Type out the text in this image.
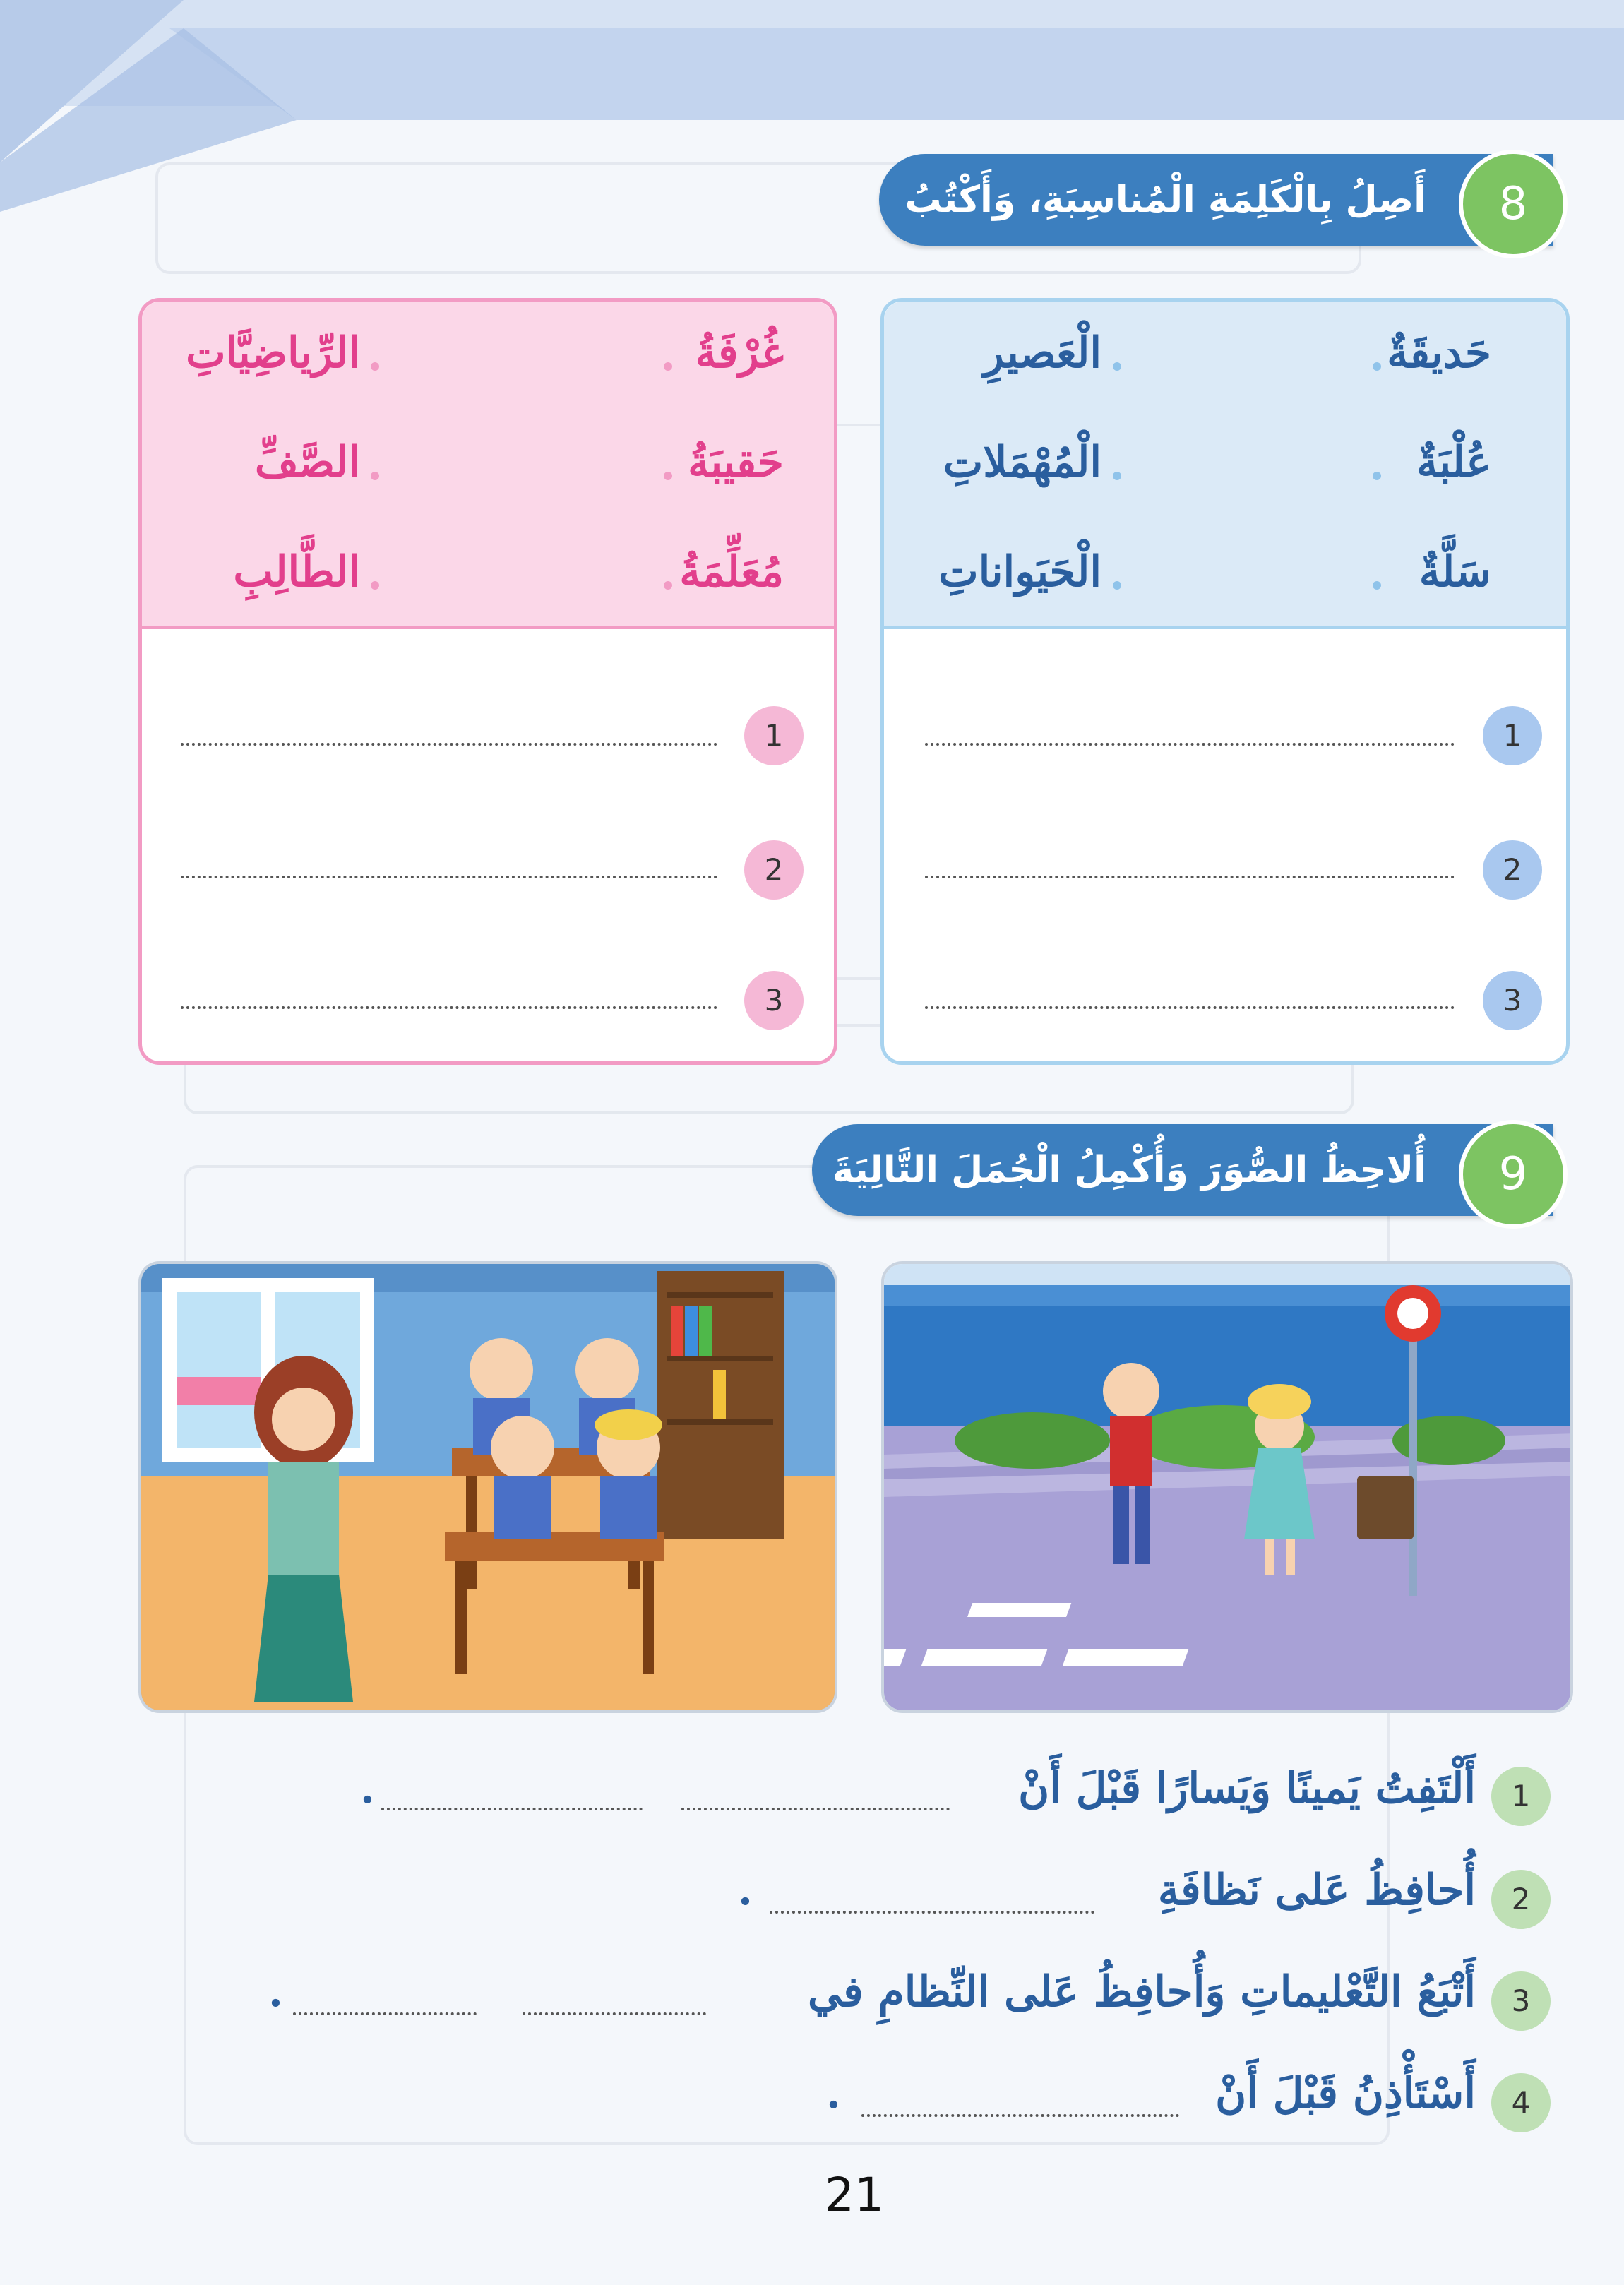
أَصِلُ بِالْكَلِمَةِ الْمُناسِبَةِ، وَأَكْتُبُ	8
حَديقَةٌ
عُلْبَةٌ
سَلَّةٌ
الْعَصيرِ
الْمُهْمَلاتِ
الْحَيَواناتِ
1
2
3
غُرْفَةُ
حَقيبَةُ
مُعَلِّمَةُ
الرِّياضِيَّاتِ
الصَّفِّ
الطَّالِبِ
1
2
3
أُلاحِظُ الصُّوَرَ وَأُكْمِلُ الْجُمَلَ التَّالِيَةَ	9
1
أَلْتَفِتُ يَمينًا وَيَسارًا قَبْلَ أَنْ
.
2
أُحافِظُ عَلى نَظافَةِ
.
3
أَتْبَعُ التَّعْليماتِ وَأُحافِظُ عَلى النِّظامِ في
.
4
أَسْتَأْذِنُ قَبْلَ أَنْ
.
21
